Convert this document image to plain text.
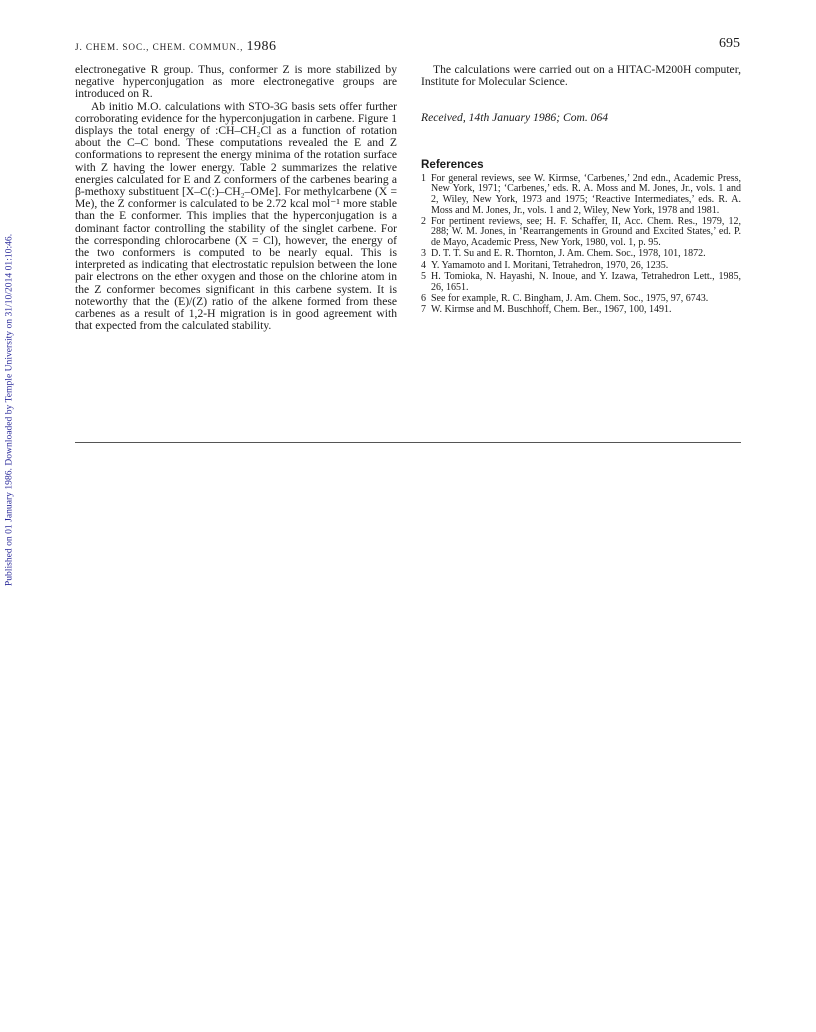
Published on 01 January 1986. Downloaded by Temple University on 31/10/2014 01:10:46.
J. CHEM. SOC., CHEM. COMMUN., 1986	695

electronegative R group. Thus, conformer Z is more stabilized by negative hyperconjugation as more electronegative groups are introduced on R.

Ab initio M.O. calculations with STO-3G basis sets offer further corroborating evidence for the hyperconjugation in carbene. Figure 1 displays the total energy of :CH–CH₂Cl as a function of rotation about the C–C bond. These computations revealed the E and Z conformations to represent the energy minima of the rotation surface with Z having the lower energy. Table 2 summarizes the relative energies calculated for E and Z conformers of the carbenes bearing a β-methoxy substituent [X–C(:)–CH₂–OMe]. For methylcarbene (X = Me), the Z conformer is calculated to be 2.72 kcal mol⁻¹ more stable than the E conformer. This implies that the hyperconjugation is a dominant factor controlling the stability of the singlet carbene. For the corresponding chlorocarbene (X = Cl), however, the energy of the two conformers is computed to be nearly equal. This is interpreted as indicating that electrostatic repulsion between the lone pair electrons on the ether oxygen and those on the chlorine atom in the Z conformer becomes significant in this carbene system. It is noteworthy that the (E)/(Z) ratio of the alkene formed from these carbenes as a result of 1,2-H migration is in good agreement with that expected from the calculated stability.

The calculations were carried out on a HITAC-M200H computer, Institute for Molecular Science.

Received, 14th January 1986; Com. 064

References
1 For general reviews, see W. Kirmse, ‘Carbenes,’ 2nd edn., Academic Press, New York, 1971; ‘Carbenes,’ eds. R. A. Moss and M. Jones, Jr., vols. 1 and 2, Wiley, New York, 1973 and 1975; ‘Reactive Intermediates,’ eds. R. A. Moss and M. Jones, Jr., vols. 1 and 2, Wiley, New York, 1978 and 1981.
2 For pertinent reviews, see; H. F. Schaffer, II, Acc. Chem. Res., 1979, 12, 288; W. M. Jones, in ‘Rearrangements in Ground and Excited States,’ ed. P. de Mayo, Academic Press, New York, 1980, vol. 1, p. 95.
3 D. T. T. Su and E. R. Thornton, J. Am. Chem. Soc., 1978, 101, 1872.
4 Y. Yamamoto and I. Moritani, Tetrahedron, 1970, 26, 1235.
5 H. Tomioka, N. Hayashi, N. Inoue, and Y. Izawa, Tetrahedron Lett., 1985, 26, 1651.
6 See for example, R. C. Bingham, J. Am. Chem. Soc., 1975, 97, 6743.
7 W. Kirmse and M. Buschhoff, Chem. Ber., 1967, 100, 1491.
